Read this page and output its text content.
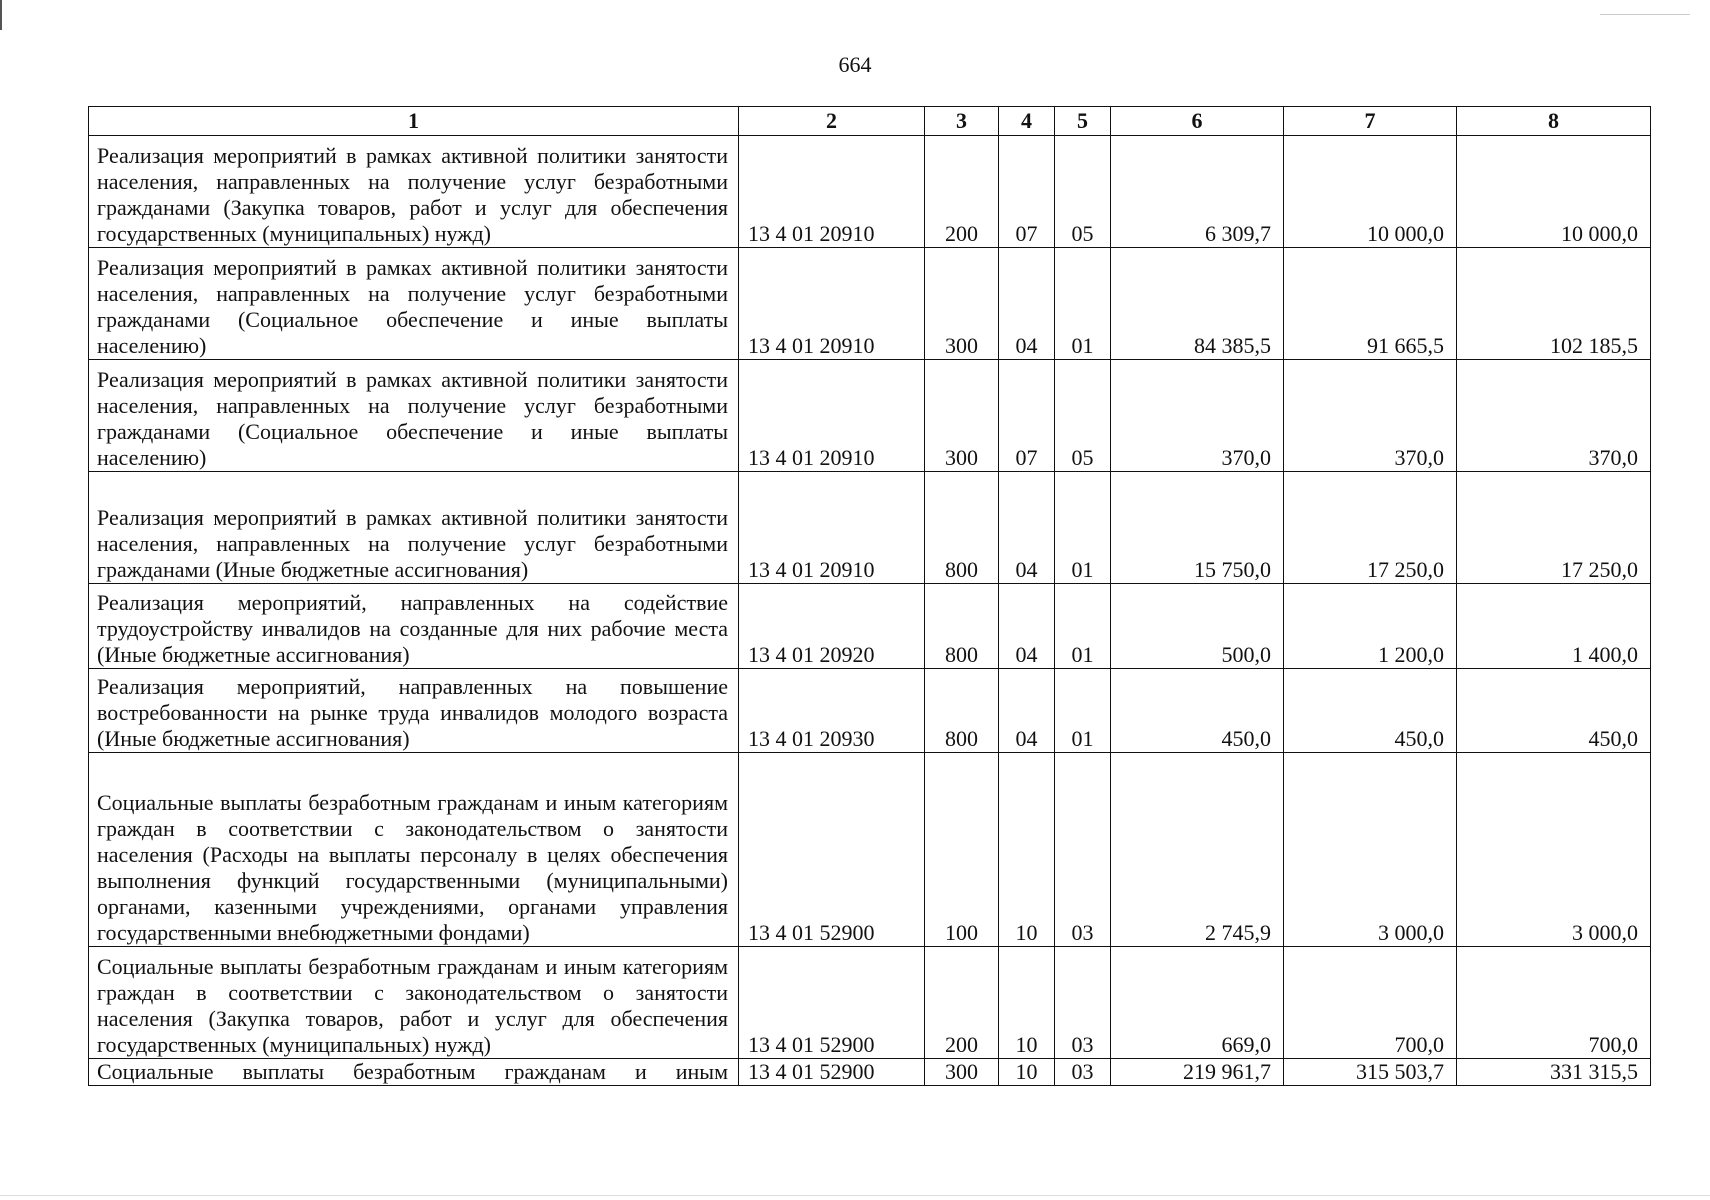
664
1	2	3	4	5	6	7	8
Реализация мероприятий в рамках активной политики занятости населения, направленных на получение услуг безработными гражданами (Закупка товаров, работ и услуг для обеспечения государственных (муниципальных) нужд)	13 4 01 20910	200	07	05	6 309,7	10 000,0	10 000,0
Реализация мероприятий в рамках активной политики занятости населения, направленных на получение услуг безработными гражданами (Социальное обеспечение и иные выплаты населению)	13 4 01 20910	300	04	01	84 385,5	91 665,5	102 185,5
Реализация мероприятий в рамках активной политики занятости населения, направленных на получение услуг безработными гражданами (Социальное обеспечение и иные выплаты населению)	13 4 01 20910	300	07	05	370,0	370,0	370,0
Реализация мероприятий в рамках активной политики занятости населения, направленных на получение услуг безработными гражданами (Иные бюджетные ассигнования)	13 4 01 20910	800	04	01	15 750,0	17 250,0	17 250,0
Реализация мероприятий, направленных на содействие трудоустройству инвалидов на созданные для них рабочие места (Иные бюджетные ассигнования)	13 4 01 20920	800	04	01	500,0	1 200,0	1 400,0
Реализация мероприятий, направленных на повышение востребованности на рынке труда инвалидов молодого возраста (Иные бюджетные ассигнования)	13 4 01 20930	800	04	01	450,0	450,0	450,0
Социальные выплаты безработным гражданам и иным категориям граждан в соответствии с законодательством о занятости населения (Расходы на выплаты персоналу в целях обеспечения выполнения функций государственными (муниципальными) органами, казенными учреждениями, органами управления государственными внебюджетными фондами)	13 4 01 52900	100	10	03	2 745,9	3 000,0	3 000,0
Социальные выплаты безработным гражданам и иным категориям граждан в соответствии с законодательством о занятости населения (Закупка товаров, работ и услуг для обеспечения государственных (муниципальных) нужд)	13 4 01 52900	200	10	03	669,0	700,0	700,0
Социальные выплаты безработным гражданам и иным	13 4 01 52900	300	10	03	219 961,7	315 503,7	331 315,5
